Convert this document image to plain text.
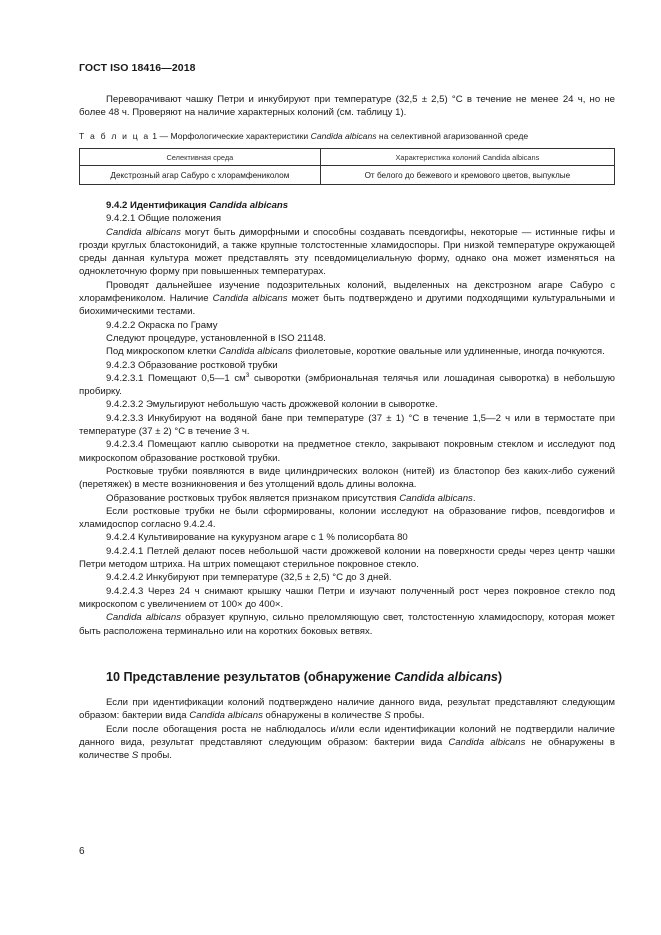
ГОСТ ISO 18416—2018

Переворачивают чашку Петри и инкубируют при температуре (32,5 ± 2,5) °C в течение не менее 24 ч, но не более 48 ч. Проверяют на наличие характерных колоний (см. таблицу 1).

Т а б л и ц а 1 — Морфологические характеристики Candida albicans на селективной агаризованной среде
Селективная среда	Характеристика колоний Candida albicans
Декстрозный агар Сабуро с хлорамфениколом	От белого до бежевого и кремового цветов, выпуклые

9.4.2 Идентификация Candida albicans

9.4.2.1 Общие положения

Candida albicans могут быть диморфными и способны создавать псевдогифы, некоторые — истинные гифы и грозди круглых бластоконидий, а также крупные толстостенные хламидоспоры. При низкой температуре окружающей среды данная культура может представлять эту псевдомицелиальную форму, однако она может изменяться на одноклеточную форму при повышенных температурах.

Проводят дальнейшее изучение подозрительных колоний, выделенных на декстрозном агаре Сабуро с хлорамфениколом. Наличие Candida albicans может быть подтверждено и другими подходящими культуральными и биохимическими тестами.

9.4.2.2 Окраска по Граму

Следуют процедуре, установленной в ISO 21148.

Под микроскопом клетки Candida albicans фиолетовые, короткие овальные или удлиненные, иногда почкуются.

9.4.2.3 Образование ростковой трубки

9.4.2.3.1 Помещают 0,5—1 $см^3$ сыворотки (эмбриональная телячья или лошадиная сыворотка) в небольшую пробирку.

9.4.2.3.2 Эмульгируют небольшую часть дрожжевой колонии в сыворотке.

9.4.2.3.3 Инкубируют на водяной бане при температуре (37 ± 1) °C в течение 1,5—2 ч или в термостате при температуре (37 ± 2) °C в течение 3 ч.

9.4.2.3.4 Помещают каплю сыворотки на предметное стекло, закрывают покровным стеклом и исследуют под микроскопом образование ростковой трубки.

Ростковые трубки появляются в виде цилиндрических волокон (нитей) из бластопор без каких-либо сужений (перетяжек) в месте возникновения и без утолщений вдоль длины волокна.

Образование ростковых трубок является признаком присутствия Candida albicans.

Если ростковые трубки не были сформированы, колонии исследуют на образование гифов, псевдогифов и хламидоспор согласно 9.4.2.4.

9.4.2.4 Культивирование на кукурузном агаре с 1 % полисорбата 80

9.4.2.4.1 Петлей делают посев небольшой части дрожжевой колонии на поверхности среды через центр чашки Петри методом штриха. На штрих помещают стерильное покровное стекло.

9.4.2.4.2 Инкубируют при температуре (32,5 ± 2,5) °C до 3 дней.

9.4.2.4.3 Через 24 ч снимают крышку чашки Петри и изучают полученный рост через покровное стекло под микроскопом с увеличением от 100× до 400×.

Candida albicans образует крупную, сильно преломляющую свет, толстостенную хламидоспору, которая может быть расположена терминально или на коротких боковых ветвях.

10 Представление результатов (обнаружение Candida albicans)

Если при идентификации колоний подтверждено наличие данного вида, результат представляют следующим образом: бактерии вида Candida albicans обнаружены в количестве S пробы.

Если после обогащения роста не наблюдалось и/или если идентификации колоний не подтвердили наличие данного вида, результат представляют следующим образом: бактерии вида Candida albicans не обнаружены в количестве S пробы.

6
